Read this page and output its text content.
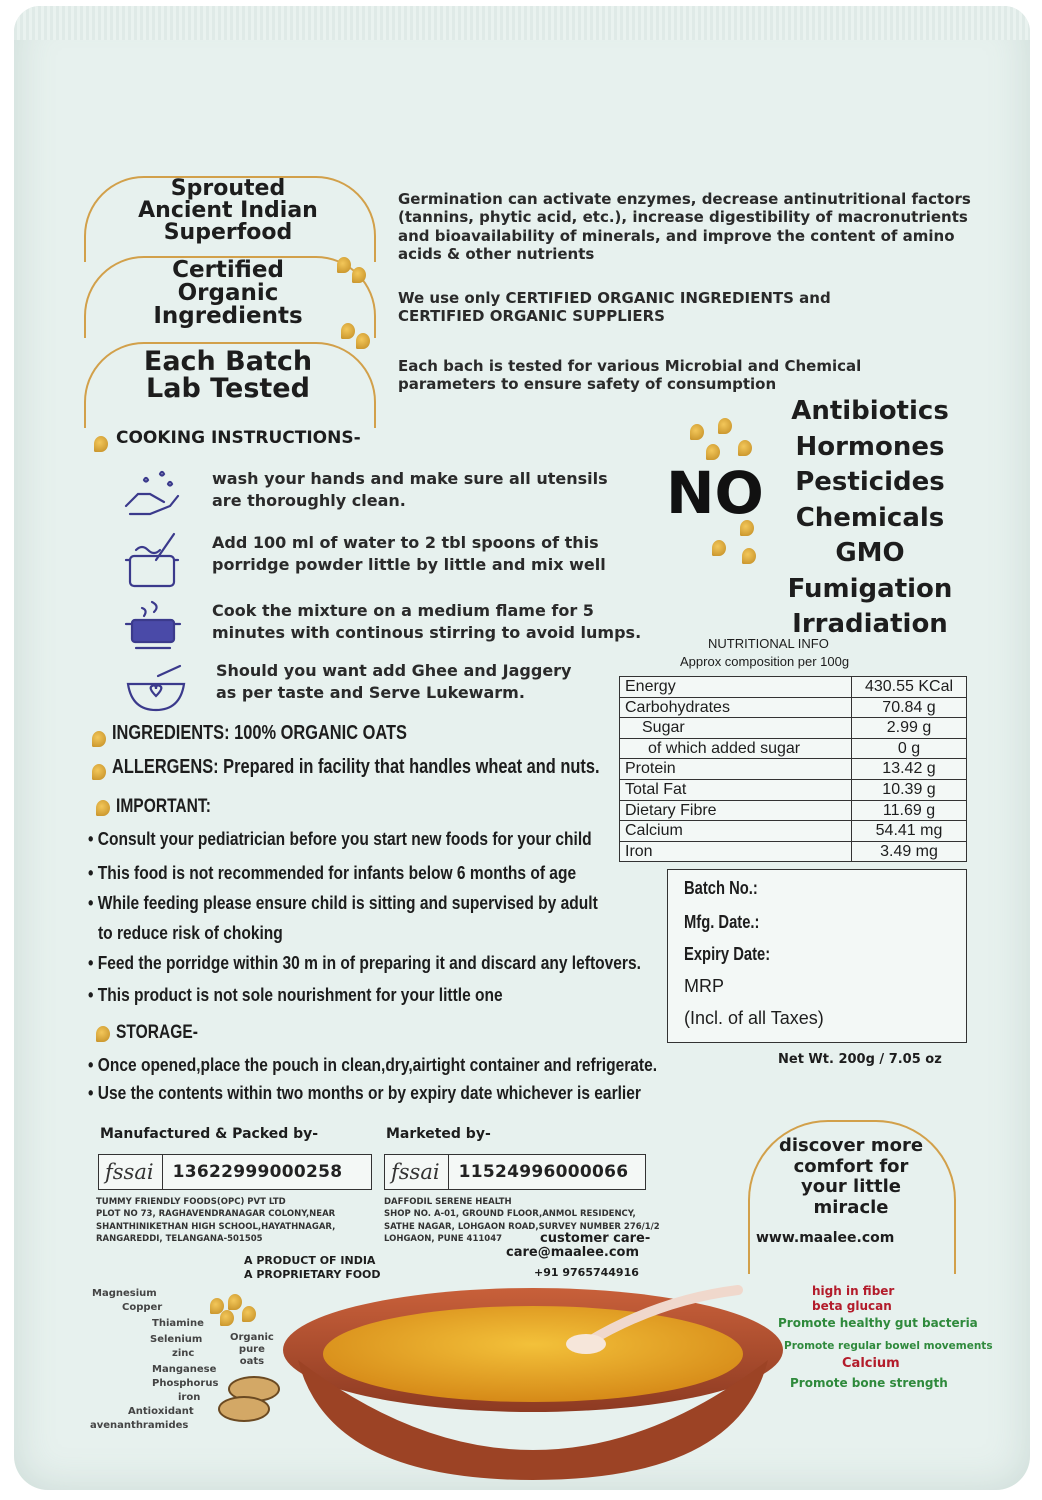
Sprouted
Ancient Indian
Superfood
Certified
Organic
Ingredients
Each Batch
Lab Tested
Germination can activate enzymes, decrease antinutritional factors (tannins, phytic acid, etc.), increase digestibility of macronutrients and bioavailability of minerals, and improve the content of amino acids & other nutrients
We use only CERTIFIED ORGANIC INGREDIENTS and CERTIFIED ORGANIC SUPPLIERS
Each bach is tested for various Microbial and Chemical parameters to ensure safety of consumption
NO
Antibiotics
Hormones
Pesticides
Chemicals
GMO
Fumigation
Irradiation
COOKING INSTRUCTIONS-
wash your hands and make sure all utensils
are thoroughly clean.
Add 100 ml of water to 2 tbl spoons of this
porridge powder little by little and mix well
Cook the mixture on a medium flame for 5
minutes with continous stirring to avoid lumps.
Should you want add Ghee and Jaggery
as per taste and Serve Lukewarm.
INGREDIENTS: 100% ORGANIC OATS
ALLERGENS: Prepared in facility that handles wheat and nuts.
IMPORTANT:
• Consult your pediatrician before you start new foods for your child
• This food is not recommended for infants below 6 months of age
• While feeding please ensure child is sitting and supervised by adult
to reduce risk of choking
• Feed the porridge within 30 m in of preparing it and discard any leftovers.
• This product is not sole nourishment for your little one
STORAGE-
• Once opened,place the pouch in clean,dry,airtight container and refrigerate.
• Use the contents within two months or by expiry date whichever is earlier
NUTRITIONAL INFO
Approx composition per 100g
Energy	430.55 KCal
Carbohydrates	70.84 g
Sugar	2.99 g
of which added sugar	0 g
Protein	13.42 g
Total Fat	10.39 g
Dietary Fibre	11.69 g
Calcium	54.41 mg
Iron	3.49 mg
Batch No.:
Mfg. Date.:
Expiry Date:
MRP
(Incl. of all Taxes)
Net Wt. 200g / 7.05 oz
Manufactured & Packed by-
fssai	13622999000258
TUMMY FRIENDLY FOODS(OPC) PVT LTD
PLOT NO 73, RAGHAVENDRANAGAR COLONY,NEAR
SHANTHINIKETHAN HIGH SCHOOL,HAYATHNAGAR,
RANGAREDDI, TELANGANA-501505
Marketed by-
fssai	11524996000066
DAFFODIL SERENE HEALTH
SHOP NO. A-01, GROUND FLOOR,ANMOL RESIDENCY,
SATHE NAGAR, LOHGAON ROAD,SURVEY NUMBER 276/1/2
LOHGAON, PUNE 411047	customer care-
care@maalee.com
+91 9765744916
A PRODUCT OF INDIA
A PROPRIETARY FOOD
discover more
comfort for
your little
miracle
www.maalee.com
Magnesium
Copper
Thiamine
Selenium
zinc
Manganese
Phosphorus
iron
Antioxidant
avenanthramides
Organic
pure
oats
high in fiber
beta glucan
Promote healthy gut bacteria
Promote regular bowel movements
Calcium
Promote bone strength
